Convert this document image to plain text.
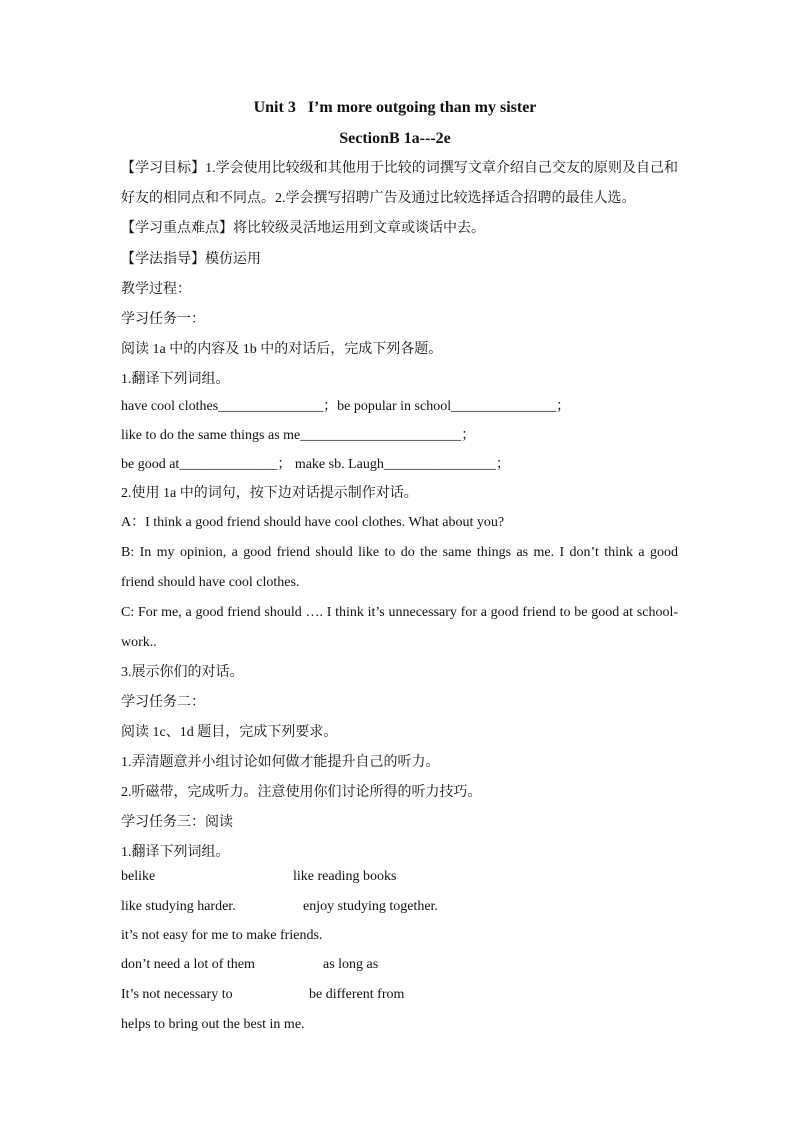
Unit 3   I’m more outgoing than my sister
SectionB 1a---2e
【学习目标】1.学会使用比较级和其他用于比较的词撰写文章介绍自己交友的原则及自己和
好友的相同点和不同点。2.学会撰写招聘广告及通过比较选择适合招聘的最佳人选。
【学习重点难点】将比较级灵活地运用到文章或谈话中去。
【学法指导】模仿运用
教学过程：
学习任务一：
阅读 1a 中的内容及 1b 中的对话后，完成下列各题。
1.翻译下列词组。
have cool clothes_______________；be popular in school_______________；
like to do the same things as me_______________________；
be good at______________； make sb. Laugh________________；
2.使用 1a 中的词句，按下边对话提示制作对话。
A：I think a good friend should have cool clothes. What about you?
B: In my opinion, a good friend should like to do the same things as me. I don’t think a good
friend should have cool clothes.
C: For me, a good friend should …. I think it’s unnecessary for a good friend to be good at school-
work..
3.展示你们的对话。
学习任务二：
阅读 1c、1d 题目，完成下列要求。
1.弄清题意并小组讨论如何做才能提升自己的听力。
2.听磁带，完成听力。注意使用你们讨论所得的听力技巧。
学习任务三：阅读
1.翻译下列词组。
belike	like reading books
like studying harder.	enjoy studying together.
it’s not easy for me to make friends.
don’t need a lot of them	as long as
It’s not necessary to	be different from
helps to bring out the best in me.
